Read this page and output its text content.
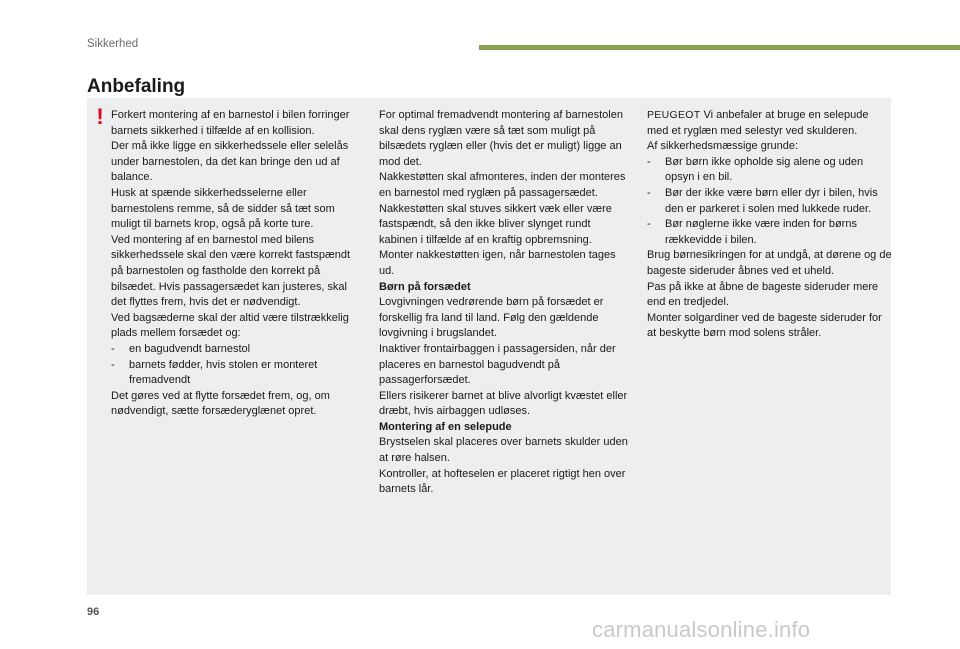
Sikkerhed
Anbefaling
! Forkert montering af en barnestol i bilen forringer barnets sikkerhed i tilfælde af en kollision.

Der må ikke ligge en sikkerhedssele eller selelås under barnestolen, da det kan bringe den ud af balance.

Husk at spænde sikkerhedsselerne eller barnestolens remme, så de sidder så tæt som muligt til barnets krop, også på korte ture.

Ved montering af en barnestol med bilens sikkerhedssele skal den være korrekt fastspændt på barnestolen og fastholde den korrekt på bilsædet. Hvis passagersædet kan justeres, skal det flyttes frem, hvis det er nødvendigt.

Ved bagsæderne skal der altid være tilstrækkelig plads mellem forsædet og:

- en bagudvendt barnestol

- barnets fødder, hvis stolen er monteret fremadvendt

Det gøres ved at flytte forsædet frem, og, om nødvendigt, sætte forsæderyglænet opret.

For optimal fremadvendt montering af barnestolen skal dens ryglæn være så tæt som muligt på bilsædets ryglæn eller (hvis det er muligt) ligge an mod det.

Nakkestøtten skal afmonteres, inden der monteres en barnestol med ryglæn på passagersædet.

Nakkestøtten skal stuves sikkert væk eller være fastspændt, så den ikke bliver slynget rundt kabinen i tilfælde af en kraftig opbremsning. Monter nakkestøtten igen, når barnestolen tages ud.

Børn på forsædet

Lovgivningen vedrørende børn på forsædet er forskellig fra land til land. Følg den gældende lovgivning i brugslandet.

Inaktiver frontairbaggen i passagersiden, når der placeres en barnestol bagudvendt på passagerforsædet.

Ellers risikerer barnet at blive alvorligt kvæstet eller dræbt, hvis airbaggen udløses.

Montering af en selepude

Brystselen skal placeres over barnets skulder uden at røre halsen.

Kontroller, at hofteselen er placeret rigtigt hen over barnets lår.

PEUGEOT Vi anbefaler at bruge en selepude med et ryglæn med selestyr ved skulderen.

Af sikkerhedsmæssige grunde:

- Bør børn ikke opholde sig alene og uden opsyn i en bil.

- Bør der ikke være børn eller dyr i bilen, hvis den er parkeret i solen med lukkede ruder.

- Bør nøglerne ikke være inden for børns rækkevidde i bilen.

Brug børnesikringen for at undgå, at dørene og de bageste sideruder åbnes ved et uheld.

Pas på ikke at åbne de bageste sideruder mere end en tredjedel.

Monter solgardiner ved de bageste sideruder for at beskytte børn mod solens stråler.

96
carmanualsonline.info
